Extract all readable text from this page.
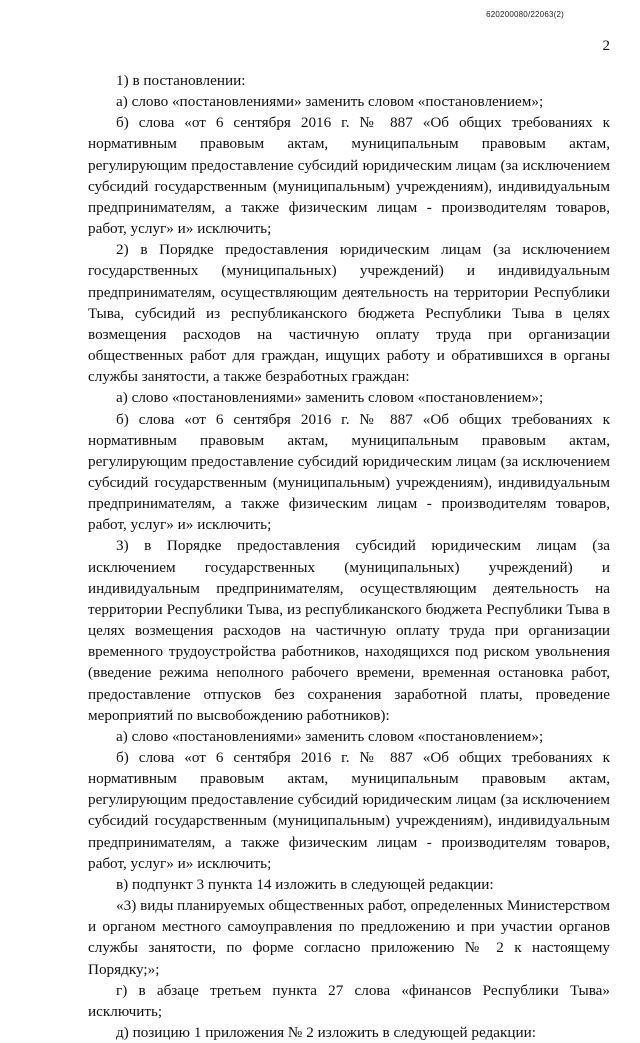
620200080/22063(2)
2

1) в постановлении:

а) слово «постановлениями» заменить словом «постановлением»;

б) слова «от 6 сентября 2016 г. № 887 «Об общих требованиях к нормативным правовым актам, муниципальным правовым актам, регулирующим предоставление субсидий юридическим лицам (за исключением субсидий государственным (муниципальным) учреждениям), индивидуальным предпринимателям, а также физическим лицам - производителям товаров, работ, услуг» и» исключить;

2) в Порядке предоставления юридическим лицам (за исключением государственных (муниципальных) учреждений) и индивидуальным предпринимателям, осуществляющим деятельность на территории Республики Тыва, субсидий из республиканского бюджета Республики Тыва в целях возмещения расходов на частичную оплату труда при организации общественных работ для граждан, ищущих работу и обратившихся в органы службы занятости, а также безработных граждан:

а) слово «постановлениями» заменить словом «постановлением»;

б) слова «от 6 сентября 2016 г. № 887 «Об общих требованиях к нормативным правовым актам, муниципальным правовым актам, регулирующим предоставление субсидий юридическим лицам (за исключением субсидий государственным (муниципальным) учреждениям), индивидуальным предпринимателям, а также физическим лицам - производителям товаров, работ, услуг» и» исключить;

3) в Порядке предоставления субсидий юридическим лицам (за исключением государственных (муниципальных) учреждений) и индивидуальным предпринимателям, осуществляющим деятельность на территории Республики Тыва, из республиканского бюджета Республики Тыва в целях возмещения расходов на частичную оплату труда при организации временного трудоустройства работников, находящихся под риском увольнения (введение режима неполного рабочего времени, временная остановка работ, предоставление отпусков без сохранения заработной платы, проведение мероприятий по высвобождению работников):

а) слово «постановлениями» заменить словом «постановлением»;

б) слова «от 6 сентября 2016 г. № 887 «Об общих требованиях к нормативным правовым актам, муниципальным правовым актам, регулирующим предоставление субсидий юридическим лицам (за исключением субсидий государственным (муниципальным) учреждениям), индивидуальным предпринимателям, а также физическим лицам - производителям товаров, работ, услуг» и» исключить;

в) подпункт 3 пункта 14 изложить в следующей редакции:

«3) виды планируемых общественных работ, определенных Министерством и органом местного самоуправления по предложению и при участии органов службы занятости, по форме согласно приложению № 2 к настоящему Порядку;»;

г) в абзаце третьем пункта 27 слова «финансов Республики Тыва» исключить;

д) позицию 1 приложения № 2 изложить в следующей редакции:
